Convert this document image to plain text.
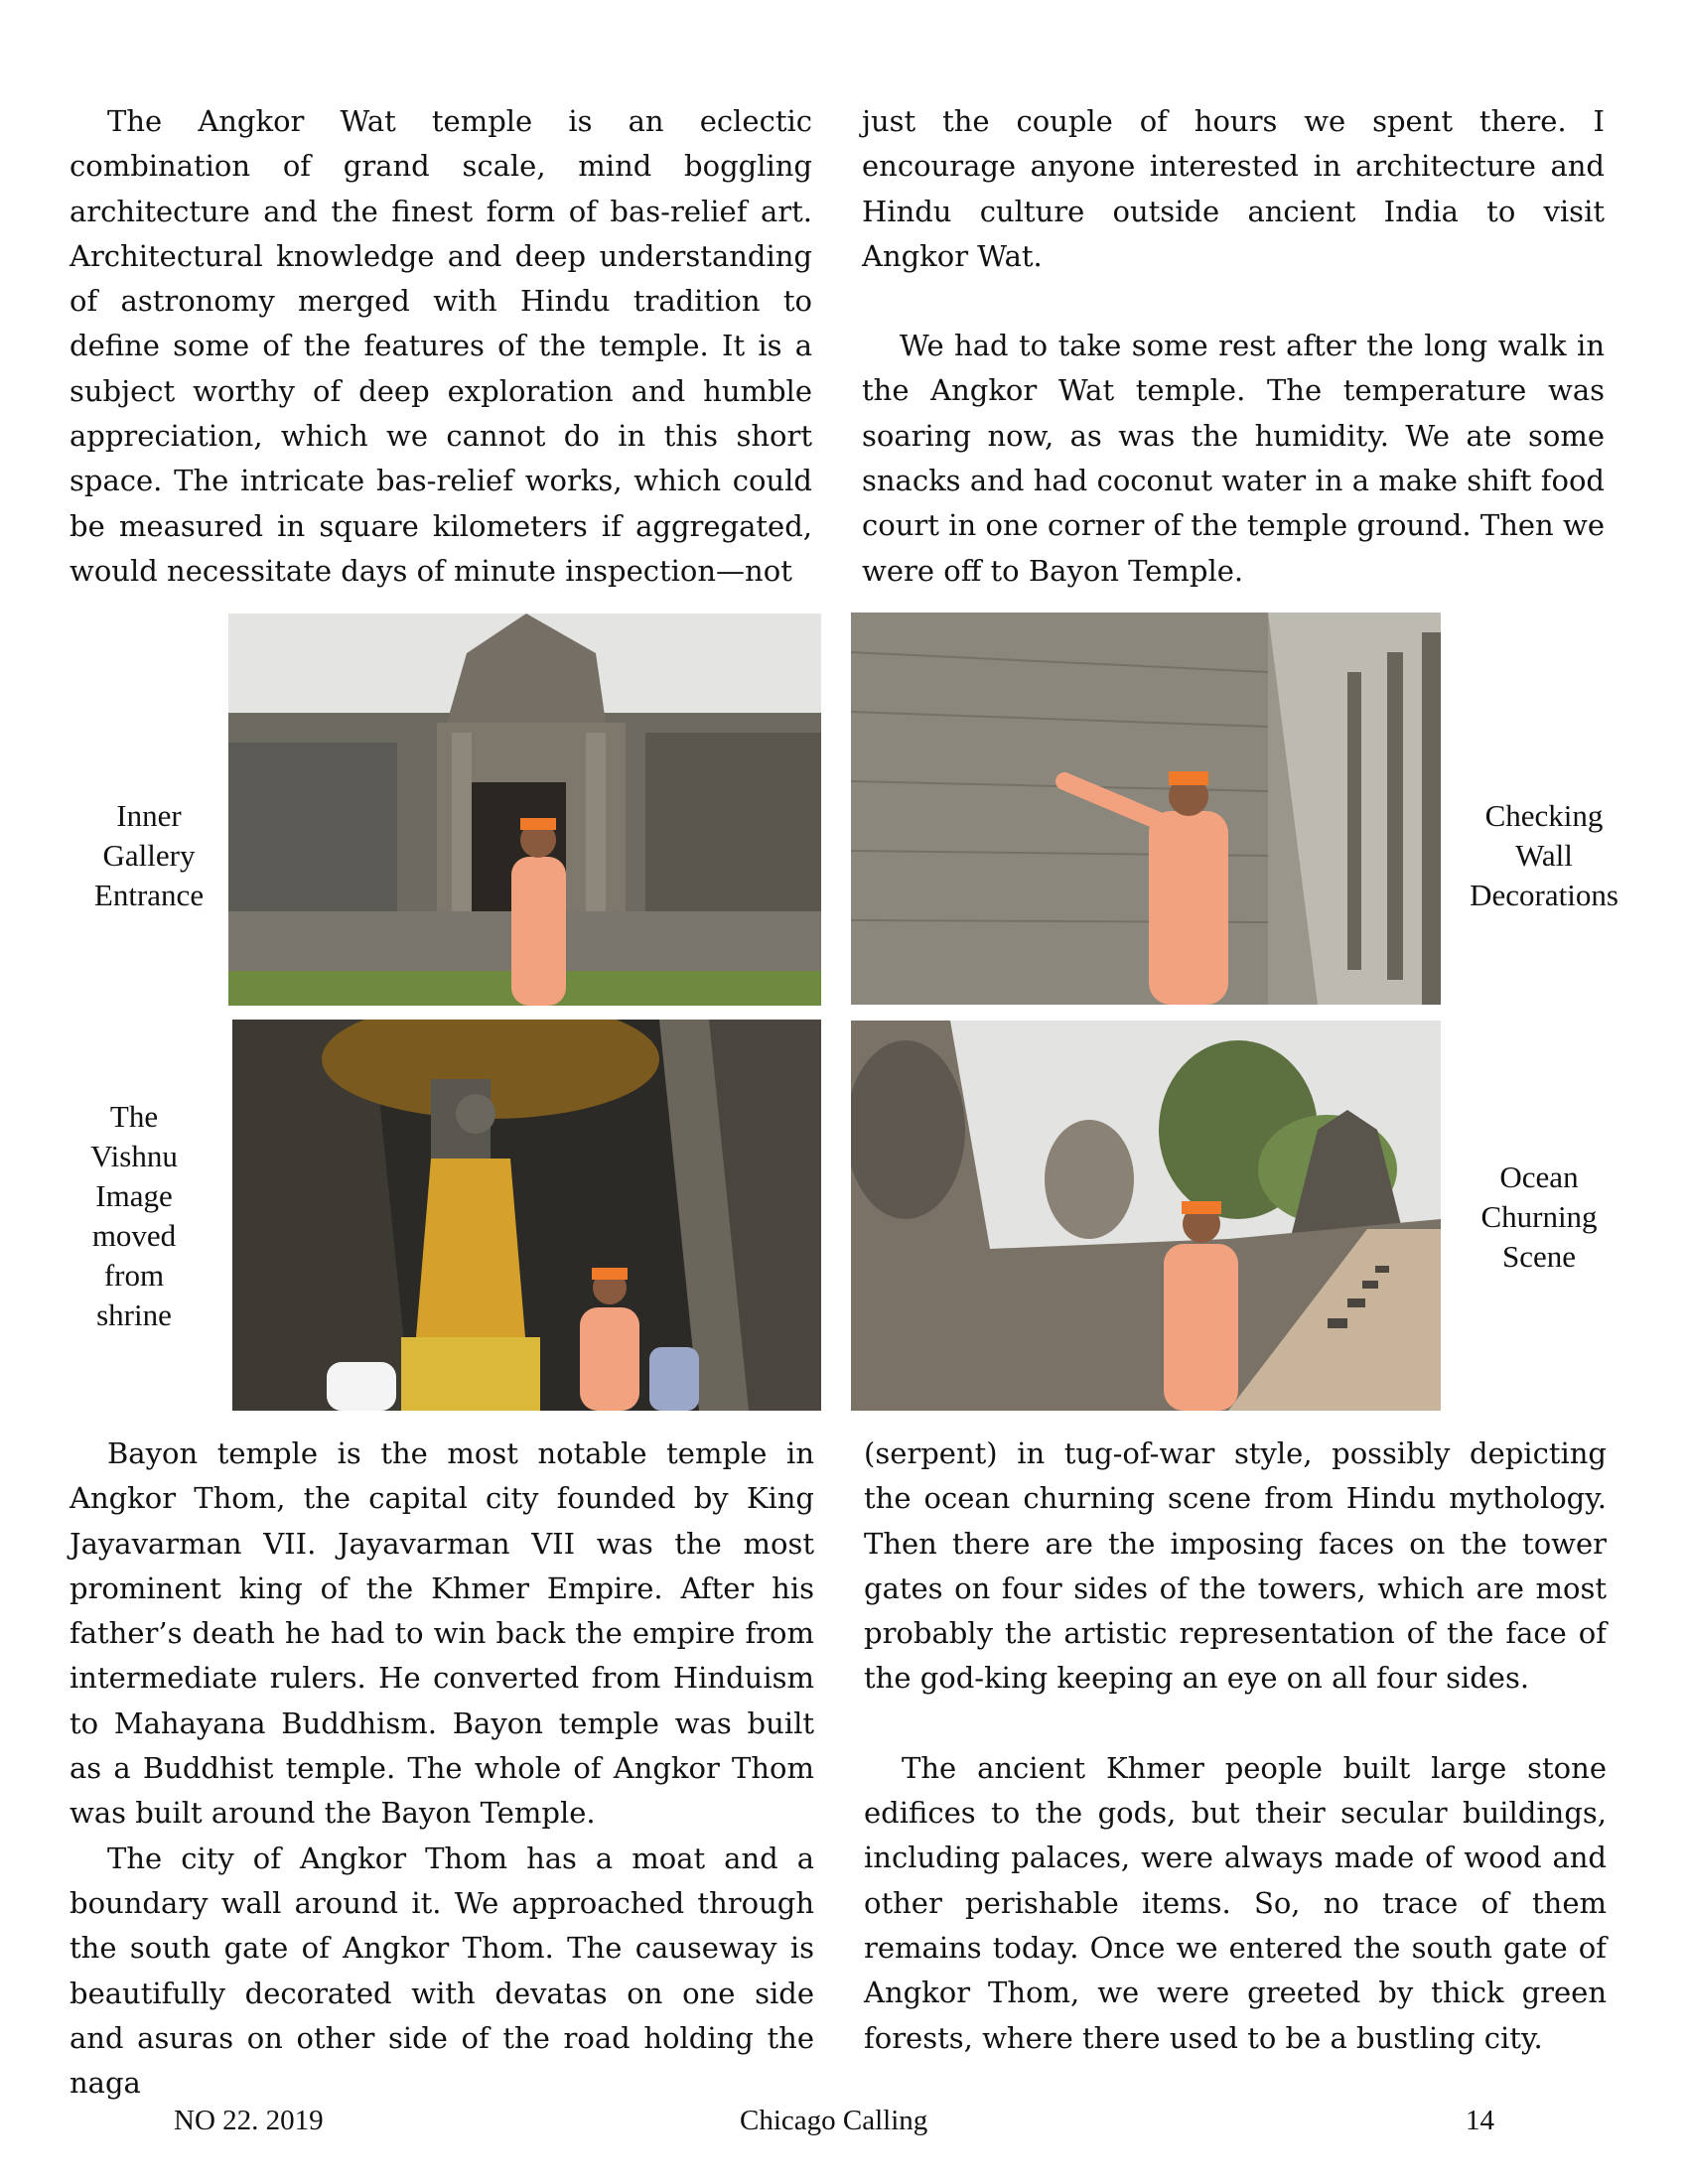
The Angkor Wat temple is an eclectic combination of grand scale, mind boggling architecture and the finest form of bas-relief art. Architectural knowledge and deep understanding of astronomy merged with Hindu tradition to define some of the features of the temple. It is a subject worthy of deep exploration and humble appreciation, which we cannot do in this short space. The intricate bas-relief works, which could be measured in square kilometers if aggregated, would necessitate days of minute inspection—not

just the couple of hours we spent there. I encourage anyone interested in architecture and Hindu culture outside ancient India to visit Angkor Wat.

We had to take some rest after the long walk in the Angkor Wat temple. The temperature was soaring now, as was the humidity. We ate some snacks and had coconut water in a make shift food court in one corner of the temple ground. Then we were off to Bayon Temple.

Inner
Gallery
Entrance
Checking
Wall
Decorations
The
Vishnu
Image
moved
from
shrine
Ocean
Churning
Scene

Bayon temple is the most notable temple in Angkor Thom, the capital city founded by King Jayavarman VII. Jayavarman VII was the most prominent king of the Khmer Empire. After his father’s death he had to win back the empire from intermediate rulers. He converted from Hinduism to Mahayana Buddhism. Bayon temple was built as a Buddhist temple. The whole of Angkor Thom was built around the Bayon Temple.

The city of Angkor Thom has a moat and a boundary wall around it. We approached through the south gate of Angkor Thom. The causeway is beautifully decorated with devatas on one side and asuras on other side of the road holding the naga

(serpent) in tug-of-war style, possibly depicting the ocean churning scene from Hindu mythology. Then there are the imposing faces on the tower gates on four sides of the towers, which are most probably the artistic representation of the face of the god-king keeping an eye on all four sides.

The ancient Khmer people built large stone edifices to the gods, but their secular buildings, including palaces, were always made of wood and other perishable items. So, no trace of them remains today. Once we entered the south gate of Angkor Thom, we were greeted by thick green forests, where there used to be a bustling city.

NO 22. 2019	Chicago Calling	14
